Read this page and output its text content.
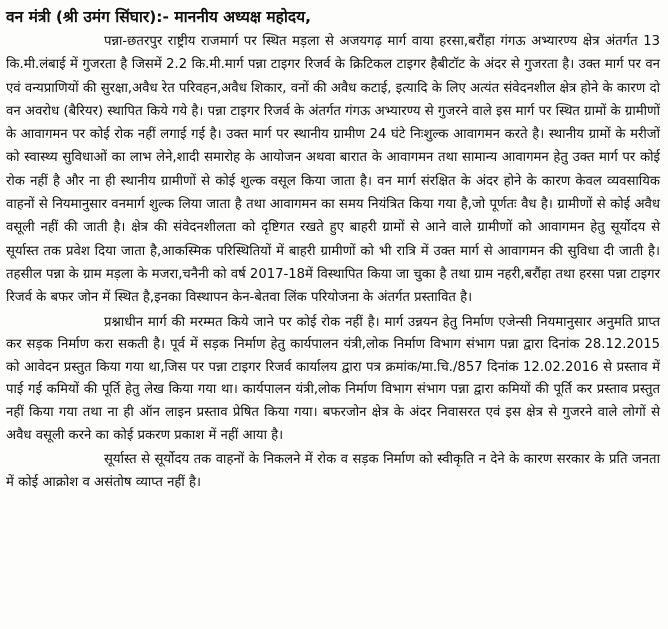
वन मंत्री (श्री उमंग सिंघार):- माननीय अध्यक्ष महोदय,

पन्ना-छतरपुर राष्ट्रीय राजमार्ग पर स्थित मड़ला से अजयगढ़ मार्ग वाया हरसा,बरौंहा गंगऊ अभ्यारण्य क्षेत्र अंतर्गत 13 कि.मी.लंबाई में गुजरता है जिसमें 2.2 कि.मी.मार्ग पन्ना टाइगर रिजर्व के क्रिटिकल टाइगर हैबीटॉट के अंदर से गुजरता है। उक्त मार्ग पर वन एवं वन्यप्राणियों की सुरक्षा,अवैध रेत परिवहन,अवैध शिकार, वनों की अवैध कटाई, इत्यादि के लिए अत्यंत संवेदनशील क्षेत्र होने के कारण दो वन अवरोध (बैरियर) स्थापित किये गये है। पन्ना टाइगर रिजर्व के अंतर्गत गंगऊ अभ्यारण्य से गुजरने वाले इस मार्ग पर स्थित ग्रामों के ग्रामीणों के आवागमन पर कोई रोक नहीं लगाई गई है। उक्त मार्ग पर स्थानीय ग्रामीण 24 घंटे निःशुल्क आवागमन करते है। स्थानीय ग्रामों के मरीजों को स्वास्थ्य सुविधाओं का लाभ लेने,शादी समारोह के आयोजन अथवा बारात के आवागमन तथा सामान्य आवागमन हेतु उक्त मार्ग पर कोई रोक नहीं है और ना ही स्थानीय ग्रामीणों से कोई शुल्क वसूल किया जाता है। वन मार्ग संरक्षित के अंदर होने के कारण केवल व्यवसायिक वाहनों से नियमानुसार वनमार्ग शुल्क लिया जाता है तथा आवागमन का समय नियंत्रित किया गया है,जो पूर्णतः वैध है। ग्रामीणों से कोई अवैध वसूली नहीं की जाती है। क्षेत्र की संवेदनशीलता को दृष्टिगत रखते हुए बाहरी ग्रामों से आने वाले ग्रामीणों को आवागमन हेतु सूर्योदय से सूर्यास्त तक प्रवेश दिया जाता है,आकस्मिक परिस्थितियों में बाहरी ग्रामीणों को भी रात्रि में उक्त मार्ग से आवागमन की सुविधा दी जाती है। तहसील पन्ना के ग्राम मड़ला के मजरा,चनैनी को वर्ष 2017-18में विस्थापित किया जा चुका है तथा ग्राम नहरी,बरौंहा तथा हरसा पन्ना टाइगर रिजर्व के बफर जोन में स्थित है,इनका विस्थापन केन-बेतवा लिंक परियोजना के अंतर्गत प्रस्तावित है।

प्रश्नाधीन मार्ग की मरम्मत किये जाने पर कोई रोक नहीं है। मार्ग उन्नयन हेतु निर्माण एजेन्सी नियमानुसार अनुमति प्राप्त कर सड़क निर्माण करा सकती है। पूर्व में सड़क निर्माण हेतु कार्यपालन यंत्री,लोक निर्माण विभाग संभाग पन्ना द्वारा दिनांक 28.12.2015 को आवेदन प्रस्तुत किया गया था,जिस पर पन्ना टाइगर रिजर्व कार्यालय द्वारा पत्र क्रमांक/मा.चि./857 दिनांक 12.02.2016 से प्रस्ताव में पाई गई कमियों की पूर्ति हेतु लेख किया गया था। कार्यपालन यंत्री,लोक निर्माण विभाग संभाग पन्ना द्वारा कमियों की पूर्ति कर प्रस्ताव प्रस्तुत नहीं किया गया तथा ना ही ऑन लाइन प्रस्ताव प्रेषित किया गया। बफरजोन क्षेत्र के अंदर निवासरत एवं इस क्षेत्र से गुजरने वाले लोगों से अवैध वसूली करने का कोई प्रकरण प्रकाश में नहीं आया है।

सूर्यास्त से सूर्योदय तक वाहनों के निकलने में रोक व सड़क निर्माण को स्वीकृति न देने के कारण सरकार के प्रति जनता में कोई आक्रोश व असंतोष व्याप्त नहीं है।
